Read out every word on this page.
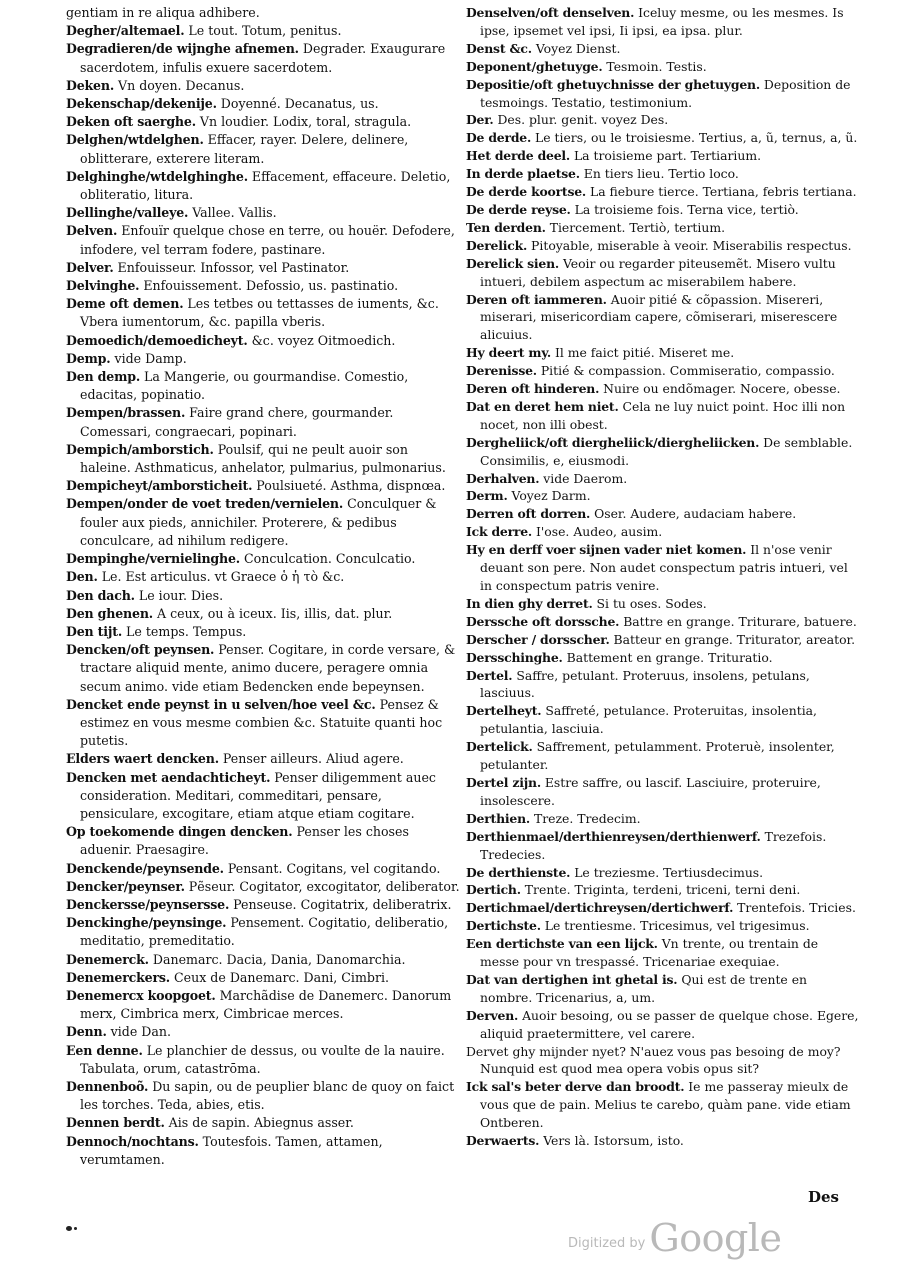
gentiam in re aliqua adhibere.

Degher/altemael. Le tout. Totum, penitus.

Degradieren/de wijnghe afnemen. Degrader. Exaugurare sacerdotem, infulis exuere sacerdotem.

Deken. Vn doyen. Decanus.

Dekenschap/dekenije. Doyenné. Decanatus, us.

Deken oft saerghe. Vn loudier. Lodix, toral, stragula.

Delghen/wtdelghen. Effacer, rayer. Delere, delinere, oblitterare, exterere literam.

Delghinghe/wtdelghinghe. Effacement, effaceure. Deletio, obliteratio, litura.

Dellinghe/valleye. Vallee. Vallis.

Delven. Enfouïr quelque chose en terre, ou houër. Defodere, infodere, vel terram fodere, pastinare.

Delver. Enfouisseur. Infossor, vel Pastinator.

Delvinghe. Enfouissement. Defossio, us. pastinatio.

Deme oft demen. Les tetbes ou tettasses de iuments, &c. Vbera iumentorum, &c. papilla vberis.

Demoedich/demoedicheyt. &c. voyez Oitmoedich.

Demp. vide Damp.

Den demp. La Mangerie, ou gourmandise. Comestio, edacitas, popinatio.

Dempen/brassen. Faire grand chere, gourmander. Comessari, congraecari, popinari.

Dempich/amborstich. Poulsif, qui ne peult auoir son haleine. Asthmaticus, anhelator, pulmarius, pulmonarius.

Dempicheyt/amborsticheit. Poulsiueté. Asthma, dispnœa.

Dempen/onder de voet treden/vernielen. Conculquer & fouler aux pieds, annichiler. Proterere, & pedibus conculcare, ad nihilum redigere.

Dempinghe/vernielinghe. Conculcation. Conculcatio.

Den. Le. Est articulus. vt Graece ὁ ἡ τὸ &c.

Den dach. Le iour. Dies.

Den ghenen. A ceux, ou à iceux. Iis, illis, dat. plur.

Den tijt. Le temps. Tempus.

Dencken/oft peynsen. Penser. Cogitare, in corde versare, & tractare aliquid mente, animo ducere, peragere omnia secum animo. vide etiam Bedencken ende bepeynsen.

Dencket ende peynst in u selven/hoe veel &c. Pensez & estimez en vous mesme combien &c. Statuite quanti hoc putetis.

Elders waert dencken. Penser ailleurs. Aliud agere.

Dencken met aendachticheyt. Penser diligemment auec consideration. Meditari, commeditari, pensare, pensiculare, excogitare, etiam atque etiam cogitare.

Op toekomende dingen dencken. Penser les choses aduenir. Praesagire.

Denckende/peynsende. Pensant. Cogitans, vel cogitando.

Dencker/peynser. Pẽseur. Cogitator, excogitator, deliberator.

Denckersse/peynsersse. Penseuse. Cogitatrix, deliberatrix.

Denckinghe/peynsinge. Pensement. Cogitatio, deliberatio, meditatio, premeditatio.

Denemerck. Danemarc. Dacia, Dania, Danomarchia.

Denemerckers. Ceux de Danemarc. Dani, Cimbri.

Denemercx koopgoet. Marchãdise de Danemerc. Danorum merx, Cimbrica merx, Cimbricae merces.

Denn. vide Dan.

Een denne. Le planchier de dessus, ou voulte de la nauire. Tabulata, orum, catastrōma.

Dennenboõ. Du sapin, ou de peuplier blanc de quoy on faict les torches. Teda, abies, etis.

Dennen berdt. Ais de sapin. Abiegnus asser.

Dennoch/nochtans. Toutesfois. Tamen, attamen, verumtamen.

Denselven/oft denselven. Iceluy mesme, ou les mesmes. Is ipse, ipsemet vel ipsi, Ii ipsi, ea ipsa. plur.

Denst &c. Voyez Dienst.

Deponent/ghetuyge. Tesmoin. Testis.

Depositie/oft ghetuychnisse der ghetuygen. Deposition de tesmoings. Testatio, testimonium.

Der. Des. plur. genit. voyez Des.

De derde. Le tiers, ou le troisiesme. Tertius, a, ũ, ternus, a, ũ.

Het derde deel. La troisieme part. Tertiarium.

In derde plaetse. En tiers lieu. Tertio loco.

De derde koortse. La fiebure tierce. Tertiana, febris tertiana.

De derde reyse. La troisieme fois. Terna vice, tertiò.

Ten derden. Tiercement. Tertiò, tertium.

Derelick. Pitoyable, miserable à veoir. Miserabilis respectus.

Derelick sien. Veoir ou regarder piteusemẽt. Misero vultu intueri, debilem aspectum ac miserabilem habere.

Deren oft iammeren. Auoir pitié & cõpassion. Misereri, miserari, misericordiam capere, cõmiserari, miserescere alicuius.

Hy deert my. Il me faict pitié. Miseret me.

Derenisse. Pitié & compassion. Commiseratio, compassio.

Deren oft hinderen. Nuire ou endõmager. Nocere, obesse.

Dat en deret hem niet. Cela ne luy nuict point. Hoc illi non nocet, non illi obest.

Dergheliick/oft diergheliick/diergheliicken. De semblable. Consimilis, e, eiusmodi.

Derhalven. vide Daerom.

Derm. Voyez Darm.

Derren oft dorren. Oser. Audere, audaciam habere.

Ick derre. I'ose. Audeo, ausim.

Hy en derff voer sijnen vader niet komen. Il n'ose venir deuant son pere. Non audet conspectum patris intueri, vel in conspectum patris venire.

In dien ghy derret. Si tu oses. Sodes.

Derssche oft dorssche. Battre en grange. Triturare, batuere.

Derscher / dorsscher. Batteur en grange. Triturator, areator.

Dersschinghe. Battement en grange. Trituratio.

Dertel. Saffre, petulant. Proteruus, insolens, petulans, lasciuus.

Dertelheyt. Saffreté, petulance. Proteruitas, insolentia, petulantia, lasciuia.

Dertelick. Saffrement, petulamment. Proteruè, insolenter, petulanter.

Dertel zijn. Estre saffre, ou lascif. Lasciuire, proteruire, insolescere.

Derthien. Treze. Tredecim.

Derthienmael/derthienreysen/derthienwerf. Trezefois. Tredecies.

De derthienste. Le treziesme. Tertiusdecimus.

Dertich. Trente. Triginta, terdeni, triceni, terni deni.

Dertichmael/dertichreysen/dertichwerf. Trentefois. Tricies.

Dertichste. Le trentiesme. Tricesimus, vel trigesimus.

Een dertichste van een lijck. Vn trente, ou trentain de messe pour vn trespassé. Tricenariae exequiae.

Dat van dertighen int ghetal is. Qui est de trente en nombre. Tricenarius, a, um.

Derven. Auoir besoing, ou se passer de quelque chose. Egere, aliquid praetermittere, vel carere.

Dervet ghy mijnder nyet? N'auez vous pas besoing de moy? Nunquid est quod mea opera vobis opus sit?

Ick sal's beter derve dan broodt. Ie me passeray mieulx de vous que de pain. Melius te carebo, quàm pane. vide etiam Ontberen.

Derwaerts. Vers là. Istorsum, isto.

Des
$^{Digitized by}$ Google
